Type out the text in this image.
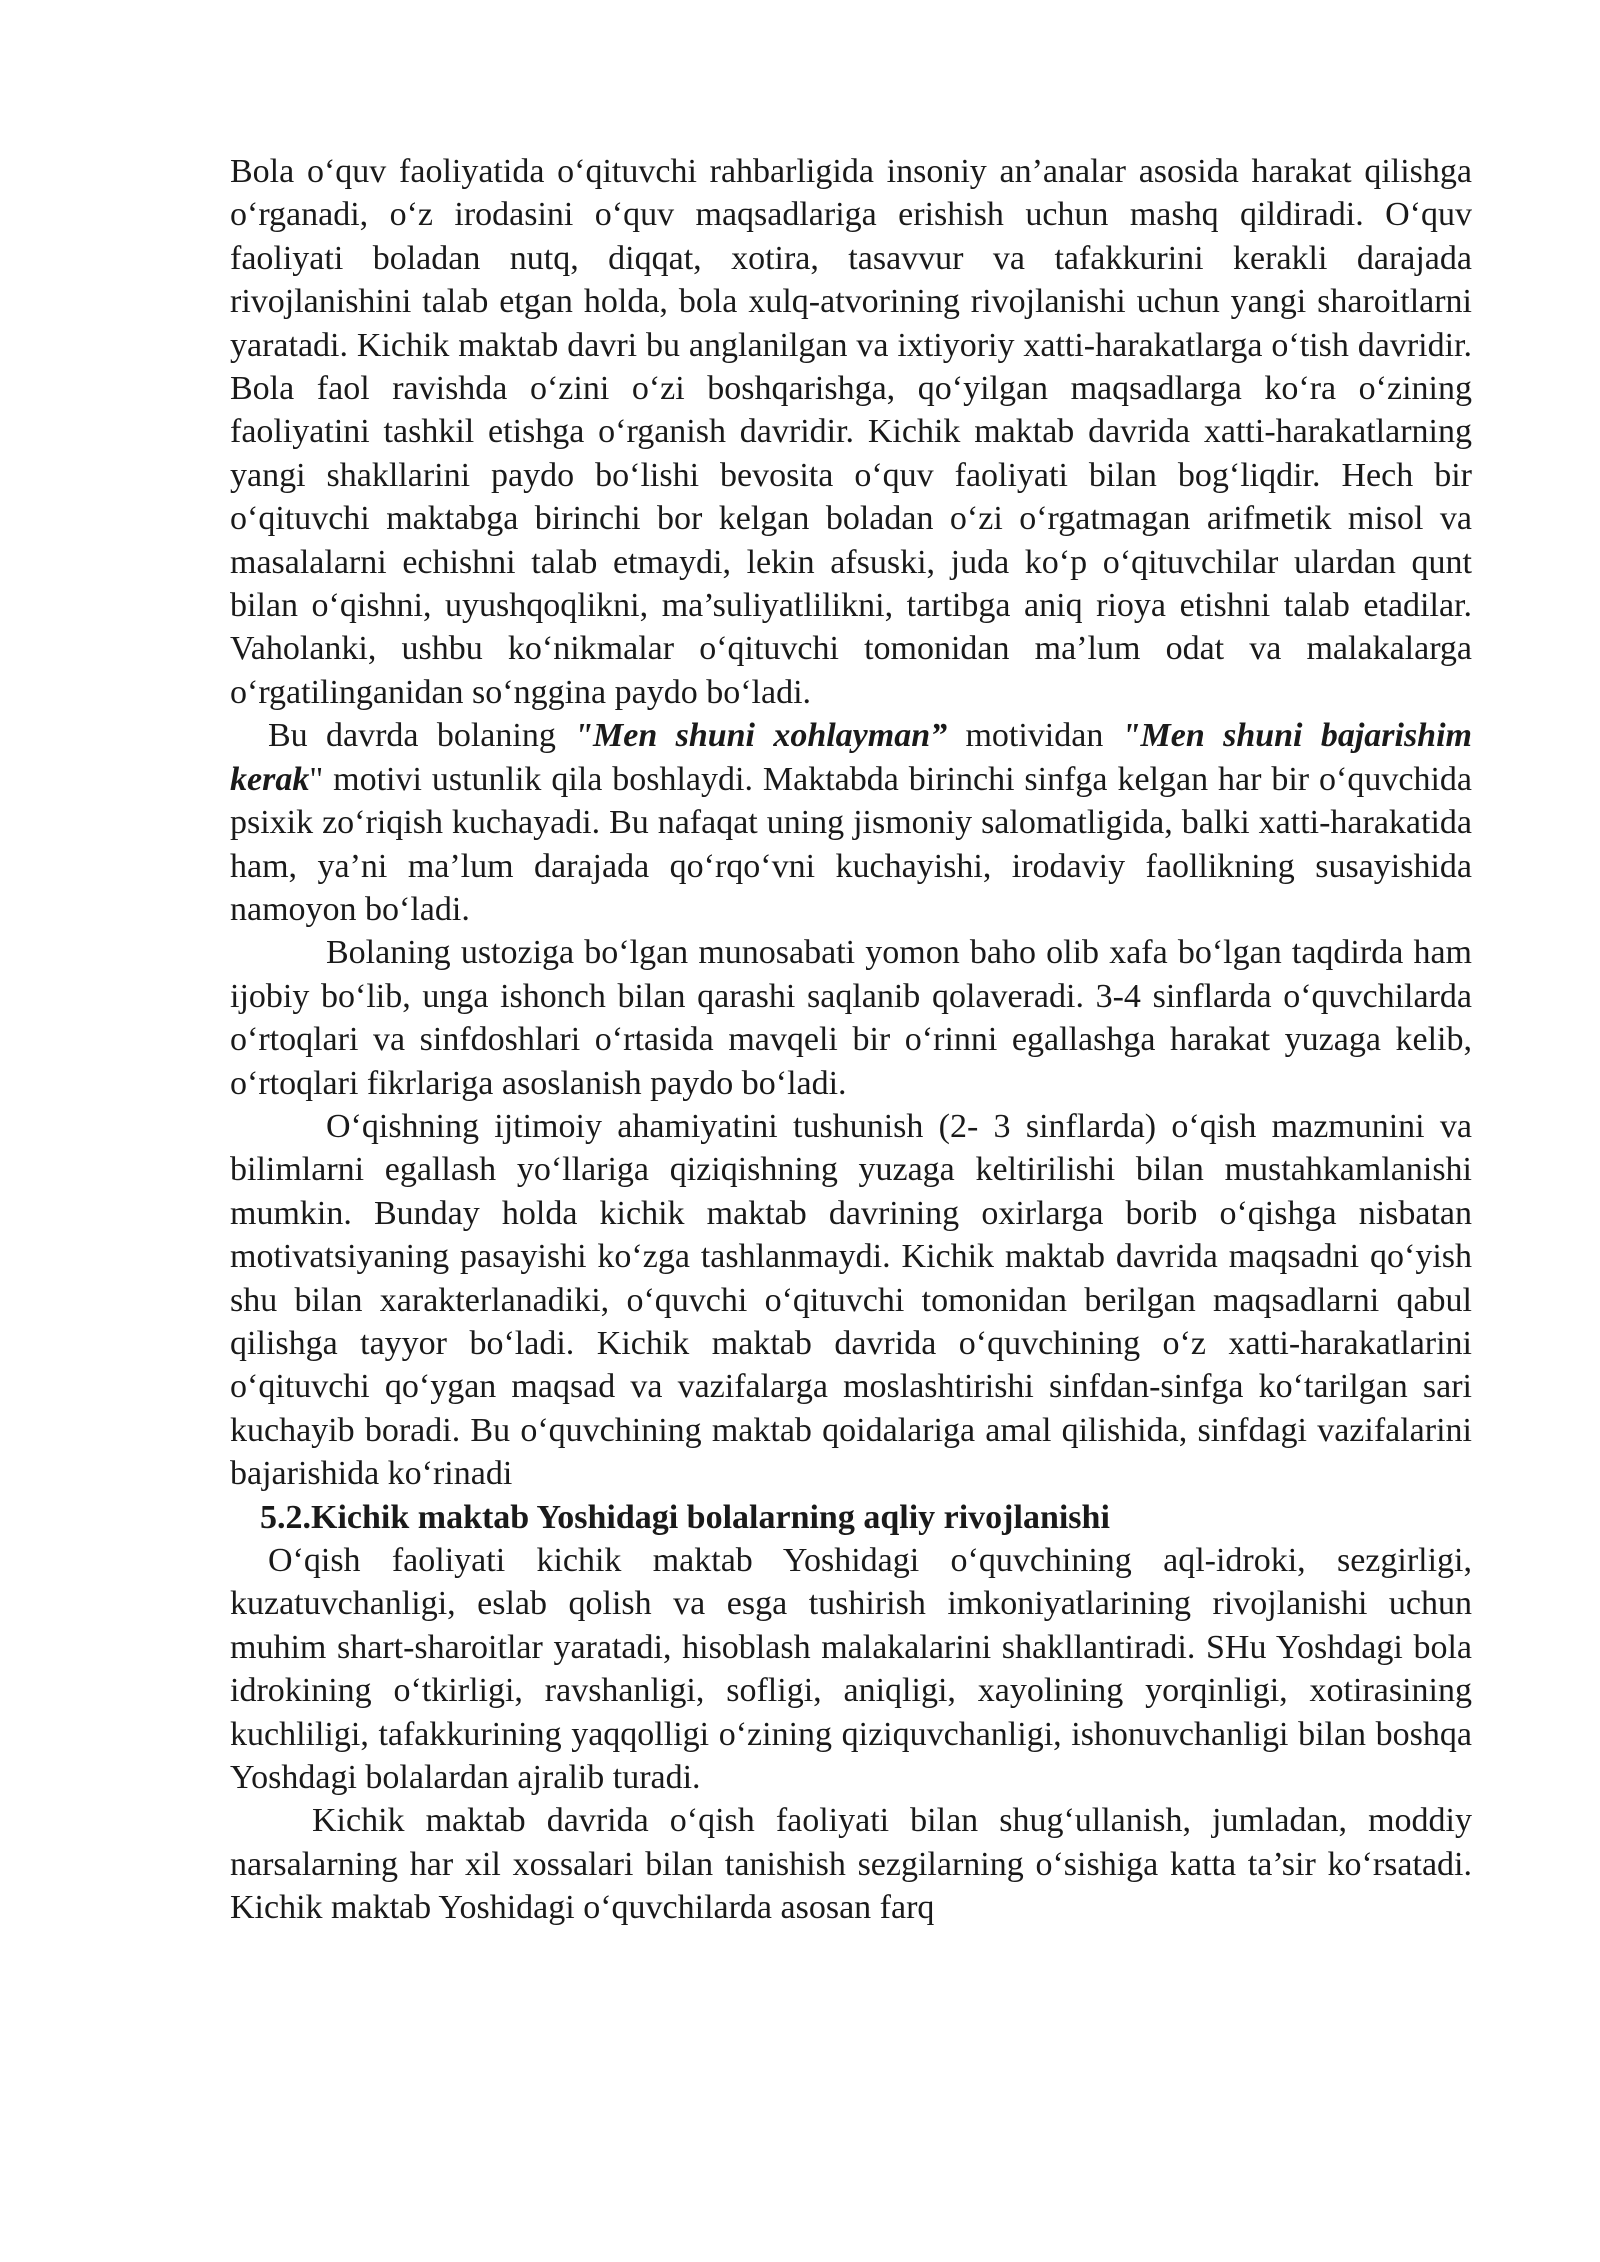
Bola o‘quv faoliyatida o‘qituvchi rahbarligida insoniy an’analar asosida harakat qilishga o‘rganadi, o‘z irodasini o‘quv maqsadlariga erishish uchun mashq qildiradi. O‘quv faoliyati boladan nutq, diqqat, xotira, tasavvur va tafakkurini kerakli darajada rivojlanishini talab etgan holda, bola xulq-atvorining rivojlanishi uchun yangi sharoitlarni yaratadi. Kichik maktab davri bu anglanilgan va ixtiyoriy xatti-harakatlarga o‘tish davridir. Bola faol ravishda o‘zini o‘zi boshqarishga, qo‘yilgan maqsadlarga ko‘ra o‘zining faoliyatini tashkil etishga o‘rganish davridir. Kichik maktab davrida xatti-harakatlarning yangi shakllarini paydo bo‘lishi bevosita o‘quv faoliyati bilan bog‘liqdir. Hech bir o‘qituvchi maktabga birinchi bor kelgan boladan o‘zi o‘rgatmagan arifmetik misol va masalalarni echishni talab etmaydi, lekin afsuski, juda ko‘p o‘qituvchilar ulardan qunt bilan o‘qishni, uyushqoqlikni, ma’suliyatlilikni, tartibga aniq rioya etishni talab etadilar. Vaholanki, ushbu ko‘nikmalar o‘qituvchi tomonidan ma’lum odat va malakalarga o‘rgatilinganidan so‘nggina paydo bo‘ladi.

Bu davrda bolaning "Men shuni xohlayman” motividan "Men shuni bajarishim kerak" motivi ustunlik qila boshlaydi. Maktabda birinchi sinfga kelgan har bir o‘quvchida psixik zo‘riqish kuchayadi. Bu nafaqat uning jismoniy salomatligida, balki xatti-harakatida ham, ya’ni ma’lum darajada qo‘rqo‘vni kuchayishi, irodaviy faollikning susayishida namoyon bo‘ladi.

Bolaning ustoziga bo‘lgan munosabati yomon baho olib xafa bo‘lgan taqdirda ham ijobiy bo‘lib, unga ishonch bilan qarashi saqlanib qolaveradi. 3-4 sinflarda o‘quvchilarda o‘rtoqlari va sinfdoshlari o‘rtasida mavqeli bir o‘rinni egallashga harakat yuzaga kelib, o‘rtoqlari fikrlariga asoslanish paydo bo‘ladi.

O‘qishning ijtimoiy ahamiyatini tushunish (2- 3 sinflarda) o‘qish mazmunini va bilimlarni egallash yo‘llariga qiziqishning yuzaga keltirilishi bilan mustahkamlanishi mumkin. Bunday holda kichik maktab davrining oxirlarga borib o‘qishga nisbatan motivatsiyaning pasayishi ko‘zga tashlanmaydi. Kichik maktab davrida maqsadni qo‘yish shu bilan xarakterlanadiki, o‘quvchi o‘qituvchi tomonidan berilgan maqsadlarni qabul qilishga tayyor bo‘ladi. Kichik maktab davrida o‘quvchining o‘z xatti-harakatlarini o‘qituvchi qo‘ygan maqsad va vazifalarga moslashtirishi sinfdan-sinfga ko‘tarilgan sari kuchayib boradi. Bu o‘quvchining maktab qoidalariga amal qilishida, sinfdagi vazifalarini bajarishida ko‘rinadi

5.2.Kichik maktab Yoshidagi bolalarning aqliy rivojlanishi

O‘qish faoliyati kichik maktab Yoshidagi o‘quvchining aql-idroki, sezgirligi, kuzatuvchanligi, eslab qolish va esga tushirish imkoniyatlarining rivojlanishi uchun muhim shart-sharoitlar yaratadi, hisoblash malakalarini shakllantiradi. SHu Yoshdagi bola idrokining o‘tkirligi, ravshanligi, sofligi, aniqligi, xayolining yorqinligi, xotirasining kuchliligi, tafakkurining yaqqolligi o‘zining qiziquvchanligi, ishonuvchanligi bilan boshqa Yoshdagi bolalardan ajralib turadi.

Kichik maktab davrida o‘qish faoliyati bilan shug‘ullanish, jumladan, moddiy narsalarning har xil xossalari bilan tanishish sezgilarning o‘sishiga katta ta’sir ko‘rsatadi. Kichik maktab Yoshidagi o‘quvchilarda asosan farq
